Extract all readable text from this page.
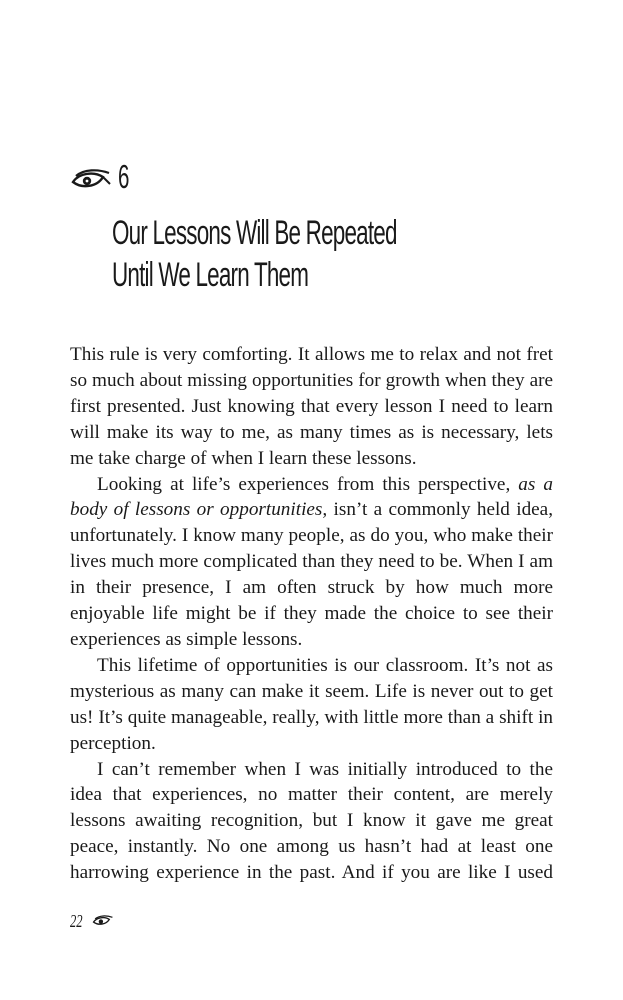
6
Our Lessons Will Be Repeated
Until We Learn Them

This rule is very comforting. It allows me to relax and not fret so much about missing opportunities for growth when they are first presented. Just knowing that every lesson I need to learn will make its way to me, as many times as is necessary, lets me take charge of when I learn these lessons.

Looking at life’s experiences from this perspective, as a body of lessons or opportunities, isn’t a commonly held idea, unfortunately. I know many people, as do you, who make their lives much more complicated than they need to be. When I am in their presence, I am often struck by how much more enjoyable life might be if they made the choice to see their experiences as simple lessons.

This lifetime of opportunities is our classroom. It’s not as mysterious as many can make it seem. Life is never out to get us! It’s quite manageable, really, with little more than a shift in perception.

I can’t remember when I was initially introduced to the idea that experiences, no matter their content, are merely lessons awaiting recognition, but I know it gave me great peace, instantly. No one among us hasn’t had at least one harrowing experience in the past. And if you are like I used

22
